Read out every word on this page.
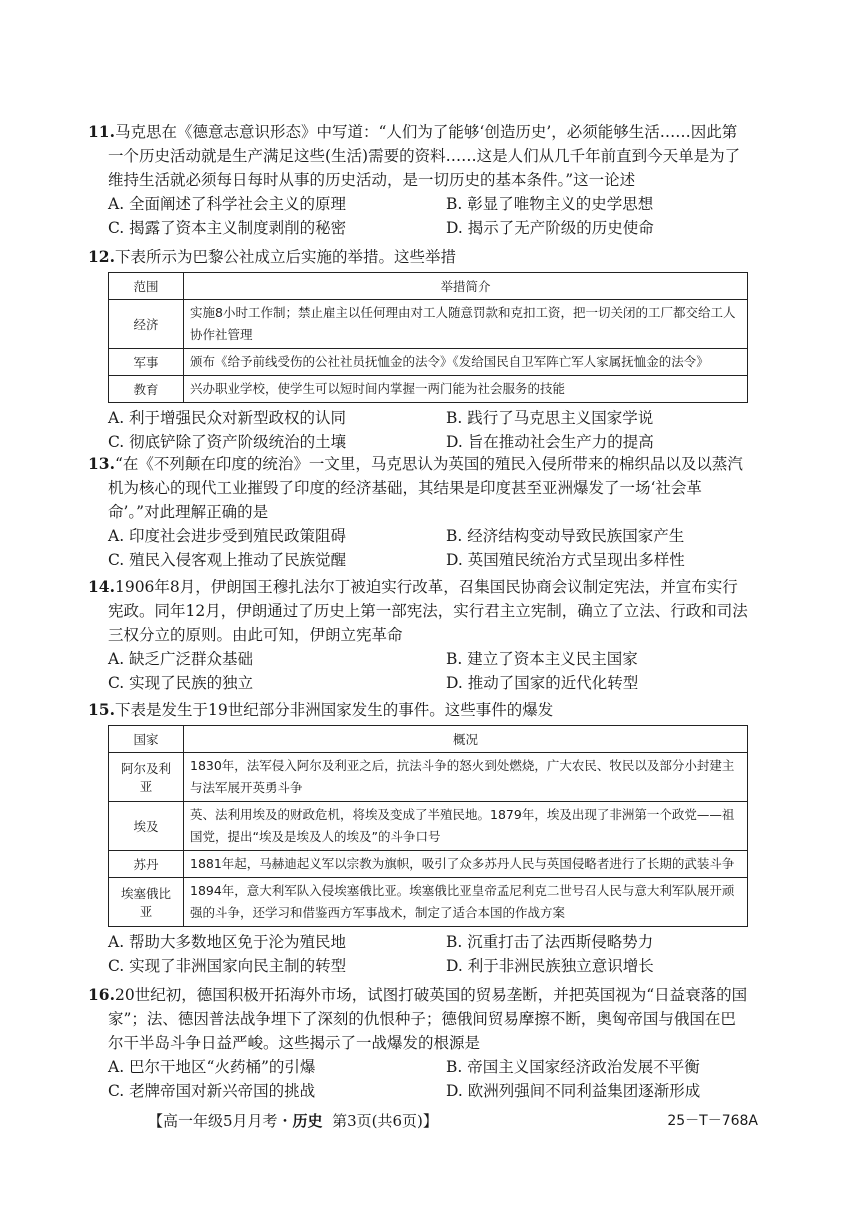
11.马克思在《德意志意识形态》中写道：“人们为了能够‘创造历史’，必须能够生活……因此第一个历史活动就是生产满足这些(生活)需要的资料……这是人们从几千年前直到今天单是为了维持生活就必须每日每时从事的历史活动，是一切历史的基本条件。”这一论述

A. 全面阐述了科学社会主义的原理	B. 彰显了唯物主义的史学思想
C. 揭露了资本主义制度剥削的秘密	D. 揭示了无产阶级的历史使命

12.下表所示为巴黎公社成立后实施的举措。这些举措

范围	举措简介
经济	实施8小时工作制；禁止雇主以任何理由对工人随意罚款和克扣工资，把一切关闭的工厂都交给工人协作社管理
军事	颁布《给予前线受伤的公社社员抚恤金的法令》《发给国民自卫军阵亡军人家属抚恤金的法令》
教育	兴办职业学校，使学生可以短时间内掌握一两门能为社会服务的技能
A. 利于增强民众对新型政权的认同	B. 践行了马克思主义国家学说
C. 彻底铲除了资产阶级统治的土壤	D. 旨在推动社会生产力的提高

13.“在《不列颠在印度的统治》一文里，马克思认为英国的殖民入侵所带来的棉织品以及以蒸汽机为核心的现代工业摧毁了印度的经济基础，其结果是印度甚至亚洲爆发了一场‘社会革命’。”对此理解正确的是

A. 印度社会进步受到殖民政策阻碍	B. 经济结构变动导致民族国家产生
C. 殖民入侵客观上推动了民族觉醒	D. 英国殖民统治方式呈现出多样性

14.1906年8月，伊朗国王穆扎法尔丁被迫实行改革，召集国民协商会议制定宪法，并宣布实行宪政。同年12月，伊朗通过了历史上第一部宪法，实行君主立宪制，确立了立法、行政和司法三权分立的原则。由此可知，伊朗立宪革命

A. 缺乏广泛群众基础	B. 建立了资本主义民主国家
C. 实现了民族的独立	D. 推动了国家的近代化转型

15.下表是发生于19世纪部分非洲国家发生的事件。这些事件的爆发

国家	概况
阿尔及利亚	1830年，法军侵入阿尔及利亚之后，抗法斗争的怒火到处燃烧，广大农民、牧民以及部分小封建主与法军展开英勇斗争
埃及	英、法利用埃及的财政危机，将埃及变成了半殖民地。1879年，埃及出现了非洲第一个政党——祖国党，提出“埃及是埃及人的埃及”的斗争口号
苏丹	1881年起，马赫迪起义军以宗教为旗帜，吸引了众多苏丹人民与英国侵略者进行了长期的武装斗争
埃塞俄比亚	1894年，意大利军队入侵埃塞俄比亚。埃塞俄比亚皇帝孟尼利克二世号召人民与意大利军队展开顽强的斗争，还学习和借鉴西方军事战术，制定了适合本国的作战方案
A. 帮助大多数地区免于沦为殖民地	B. 沉重打击了法西斯侵略势力
C. 实现了非洲国家向民主制的转型	D. 利于非洲民族独立意识增长

16.20世纪初，德国积极开拓海外市场，试图打破英国的贸易垄断，并把英国视为“日益衰落的国家”；法、德因普法战争埋下了深刻的仇恨种子；德俄间贸易摩擦不断，奥匈帝国与俄国在巴尔干半岛斗争日益严峻。这些揭示了一战爆发的根源是

A. 巴尔干地区“火药桶”的引爆	B. 帝国主义国家经济政治发展不平衡
C. 老牌帝国对新兴帝国的挑战	D. 欧洲列强间不同利益集团逐渐形成
【高一年级5月月考・历史 第3页(共6页)】	25－T－768A
